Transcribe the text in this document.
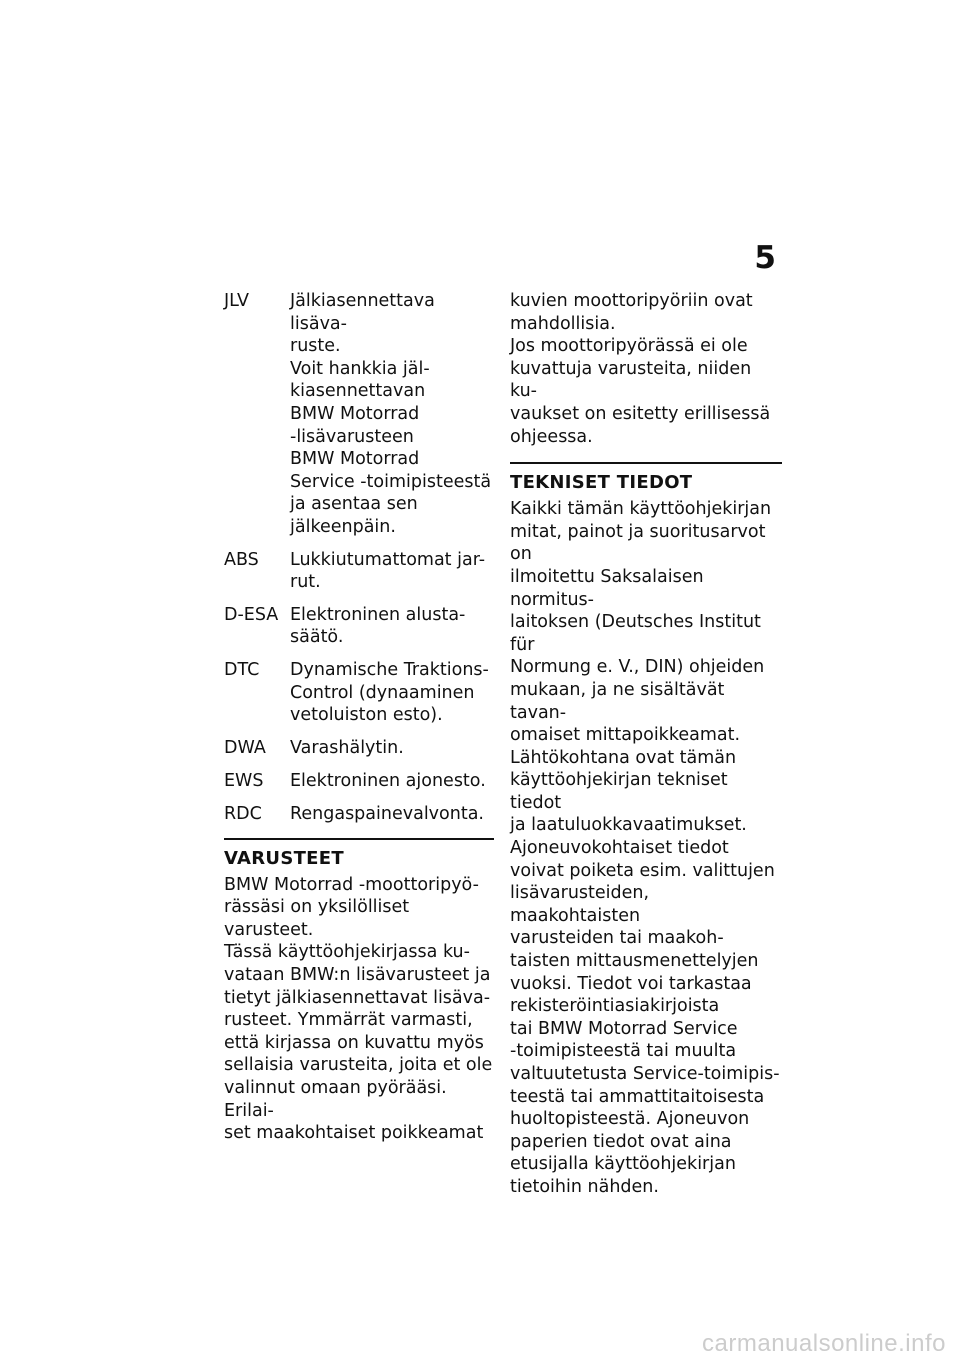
5
JLV	Jälkiasennettava lisäva-
ruste.

Voit hankkia jäl-
kiasennettavan
BMW Motorrad
-lisävarusteen
BMW Motorrad
Service -toimipisteestä
ja asentaa sen
jälkeenpäin.

ABS	Lukkiutumattomat jar-
rut.

D-ESA Elektroninen alusta-
säätö.

DTC	Dynamische Traktions-
Control (dynaaminen
vetoluiston esto).

DWA	Varashälytin.

EWS	Elektroninen ajonesto.

RDC	Rengaspainevalvonta.

VARUSTEET

BMW Motorrad -moottoripyö-
rässäsi on yksilölliset varusteet.
Tässä käyttöohjekirjassa ku-
vataan BMW:n lisävarusteet ja
tietyt jälkiasennettavat lisäva-
rusteet. Ymmärrät varmasti,
että kirjassa on kuvattu myös
sellaisia varusteita, joita et ole
valinnut omaan pyörääsi. Erilai-
set maakohtaiset poikkeamat

kuvien moottoripyöriin ovat
mahdollisia.
Jos moottoripyörässä ei ole
kuvattuja varusteita, niiden ku-
vaukset on esitetty erillisessä
ohjeessa.

TEKNISET TIEDOT

Kaikki tämän käyttöohjekirjan
mitat, painot ja suoritusarvot on
ilmoitettu Saksalaisen normitus-
laitoksen (Deutsches Institut für
Normung e. V., DIN) ohjeiden
mukaan, ja ne sisältävät tavan-
omaiset mittapoikkeamat.
Lähtökohtana ovat tämän
käyttöohjekirjan tekniset tiedot
ja laatuluokkavaatimukset.
Ajoneuvokohtaiset tiedot
voivat poiketa esim. valittujen
lisävarusteiden, maakohtaisten
varusteiden tai maakoh-
taisten mittausmenettelyjen
vuoksi. Tiedot voi tarkastaa
rekisteröintiasiakirjoista
tai BMW Motorrad Service
-toimipisteestä tai muulta
valtuutetusta Service-toimipis-
teestä tai ammattitaitoisesta
huoltopisteestä. Ajoneuvon
paperien tiedot ovat aina
etusijalla käyttöohjekirjan
tietoihin nähden.

carmanualsonline.info
